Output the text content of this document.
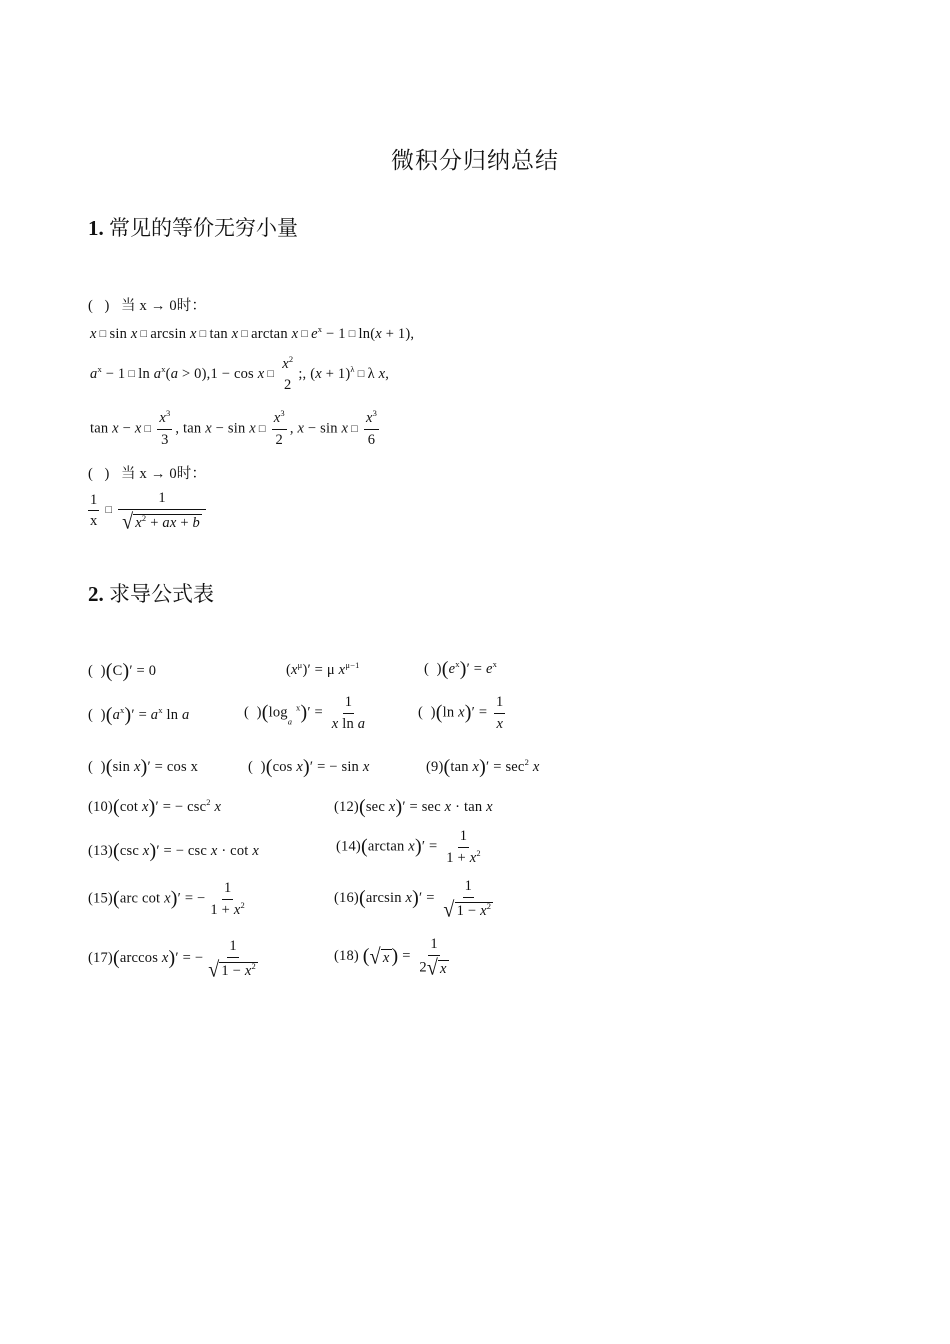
微积分归纳总结
1. 常见的等价无穷小量
(   )   当 x → 0时：
x □ sin x □ arcsin x □ tan x □ arctan x □ $e^x - 1$ □ ln(x + 1),
$a^x - 1$ □ $\ln a^x(a > 0),1 - \cos x$ □
$x^2$
2
;, $(x + 1)^\lambda$ □ λ x,
tan x − x □ $\frac{x^3}{3}$ , tan x − sin x □ $\frac{x^3}{2}$ , x − sin x □ $\frac{x^3}{6}$
(   )   当 x → 0时：
$\frac{1}{x}$ □ $\frac{1}{√ x^2 + ax + b}$
2. 求导公式表
(  )(C)′ = 0	$(x^\mu)' = \mu$ $x^{\mu-1}$	(  )$(e^x)' = e^x$
(  )$(a^x)' = a^x$ ln a	(  )($\log_a$ $^x)' = \frac{1}{\text{x ln a}}$	(  )(ln $x)' = \frac{1}{x}$
(  )(sin x)′ = cos x	(  )(cos x)′ = − sin x	(9)(tan $x)' = \sec^2 x$
(10)(cot x)′ = − $\csc^2 x$	(12)(sec x)′ = sec x · tan x
(13)(csc x)′ = − csc x · cot x	(14)(arctan $x)' = \frac{1}{1 + x^2}$
(15)(arc cot x)′ = − $\frac{1}{1 + x^2}$	(16)(arcsin $x)' = \frac{1}{√ 1 - x^2}$
(17)(arccos x)′ = − $\frac{1}{√ 1 - x^2}$	(18) ( √ x ) = $\frac{1}{2 √ x}$
